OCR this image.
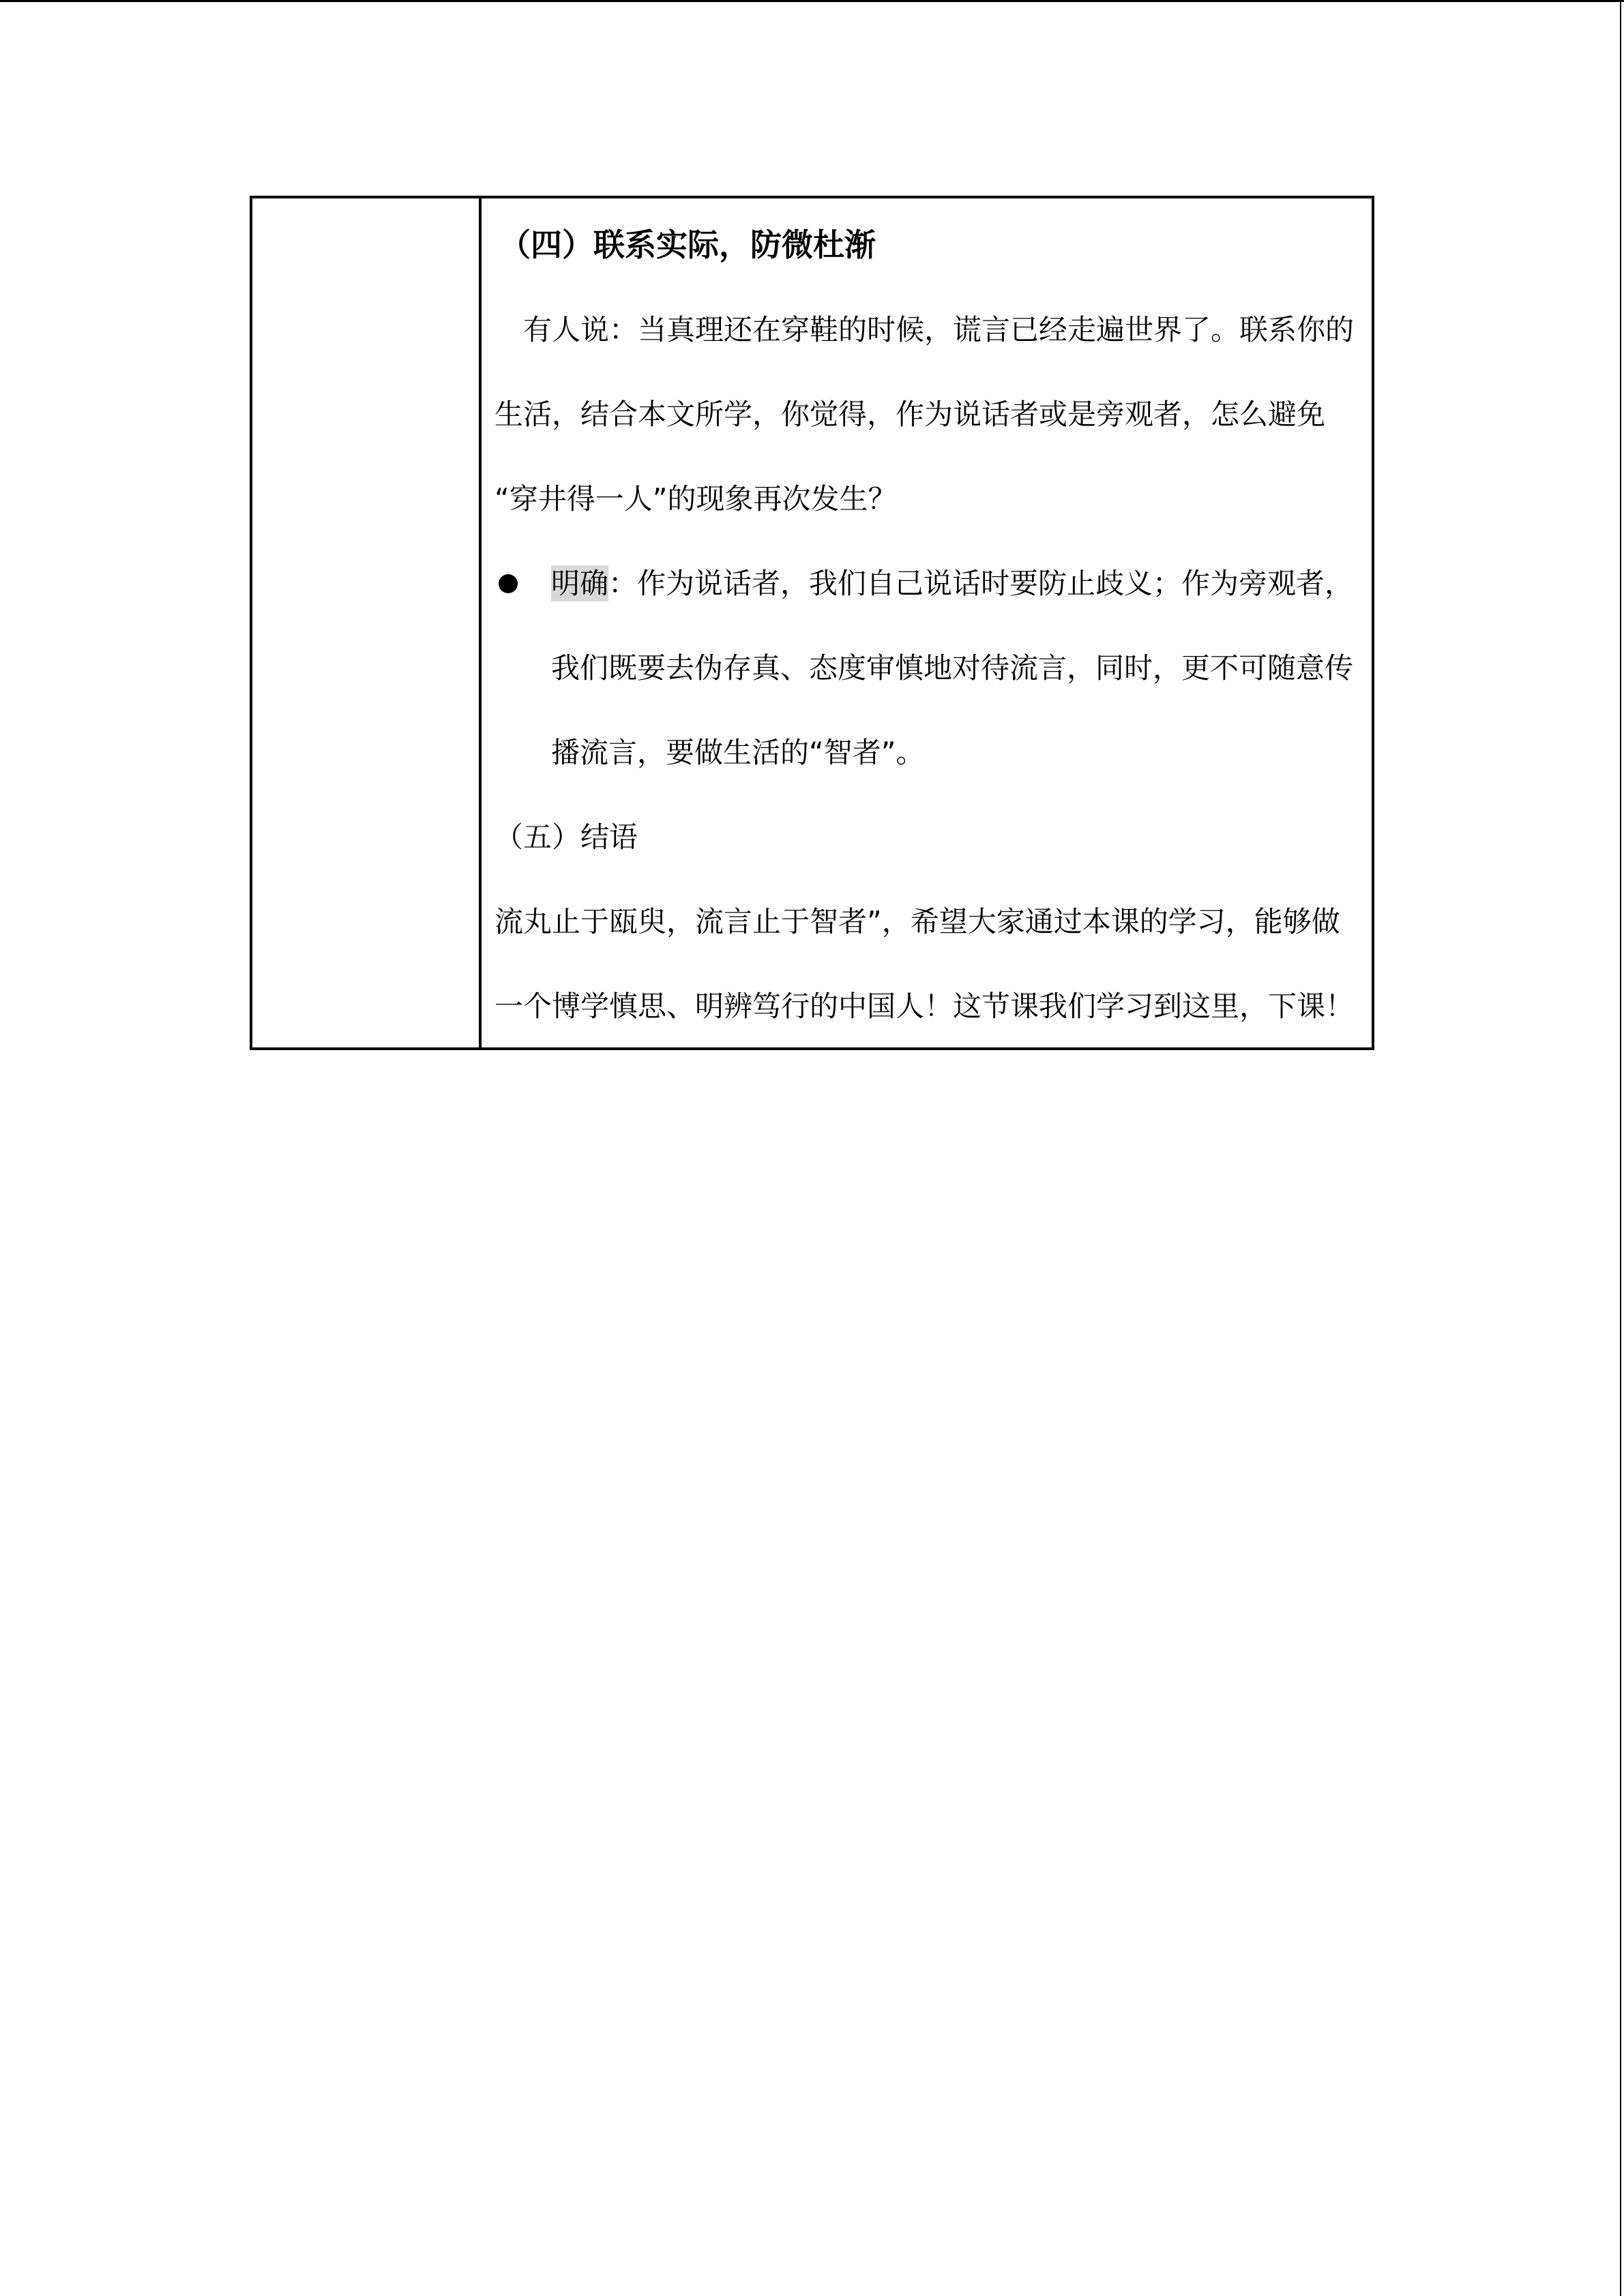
（四）联系实际，防微杜渐
　有人说：当真理还在穿鞋的时候，谎言已经走遍世界了。联系你的
生活，结合本文所学，你觉得，作为说话者或是旁观者，怎么避免
“穿井得一人”的现象再次发生？
明确：作为说话者，我们自己说话时要防止歧义；作为旁观者，
我们既要去伪存真、态度审慎地对待流言，同时，更不可随意传
播流言，要做生活的“智者”。
（五）结语
流丸止于瓯臾，流言止于智者”，希望大家通过本课的学习，能够做
一个博学慎思、明辨笃行的中国人！这节课我们学习到这里，下课！
